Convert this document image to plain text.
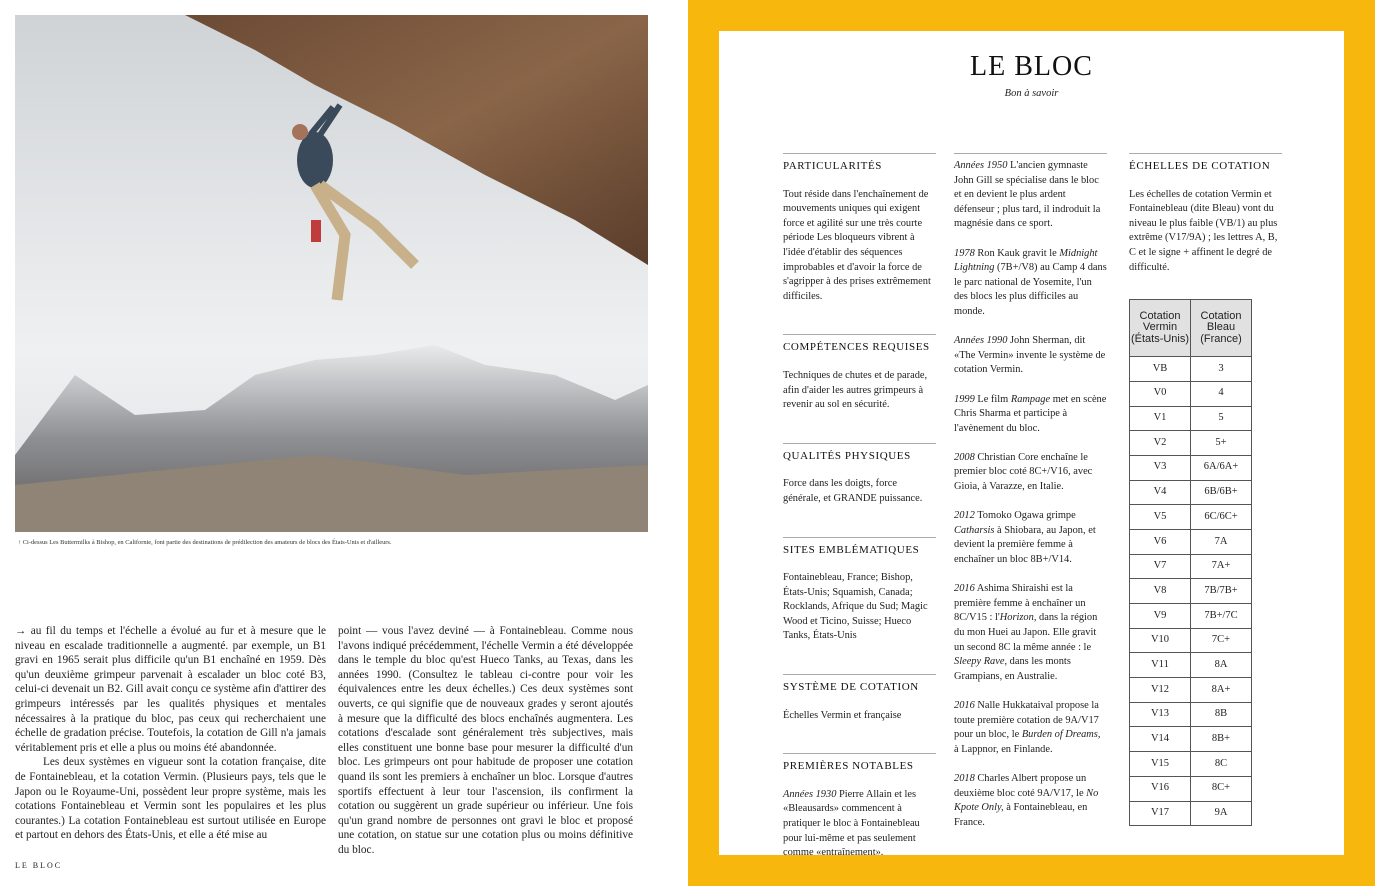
↑ Ci-dessus Les Buttermilks à Bishop, en Californie, font partie des destinations de prédilection des amateurs de blocs des États-Unis et d'ailleurs.

→ au fil du temps et l'échelle a évolué au fur et à mesure que le niveau en escalade traditionnelle a augmenté. par exemple, un B1 gravi en 1965 serait plus difficile qu'un B1 enchaîné en 1959. Dès qu'un deuxième grimpeur parvenait à escalader un bloc coté B3, celui-ci devenait un B2. Gill avait conçu ce système afin d'attirer des grimpeurs intéressés par les qualités physiques et mentales nécessaires à la pratique du bloc, pas ceux qui recherchaient une échelle de gradation précise. Toutefois, la cotation de Gill n'a jamais véritablement pris et elle a plus ou moins été abandonnée.

Les deux systèmes en vigueur sont la cotation française, dite de Fontainebleau, et la cotation Vermin. (Plusieurs pays, tels que le Japon ou le Royaume-Uni, possèdent leur propre système, mais les cotations Fontainebleau et Vermin sont les populaires et les plus courantes.) La cotation Fontainebleau est surtout utilisée en Europe et partout en dehors des États-Unis, et elle a été mise au

point — vous l'avez deviné — à Fontainebleau. Comme nous l'avons indiqué précédemment, l'échelle Vermin a été développée dans le temple du bloc qu'est Hueco Tanks, au Texas, dans les années 1990. (Consultez le tableau ci-contre pour voir les équivalences entre les deux échelles.) Ces deux systèmes sont ouverts, ce qui signifie que de nouveaux grades y seront ajoutés à mesure que la difficulté des blocs enchaînés augmentera. Les cotations d'escalade sont généralement très subjectives, mais elles constituent une bonne base pour mesurer la difficulté d'un bloc. Les grimpeurs ont pour habitude de proposer une cotation quand ils sont les premiers à enchaîner un bloc. Lorsque d'autres sportifs effectuent à leur tour l'ascension, ils confirment la cotation ou suggèrent un grade supérieur ou inférieur. Une fois qu'un grand nombre de personnes ont gravi le bloc et proposé une cotation, on statue sur une cotation plus ou moins définitive du bloc.

LE BLOC
LE BLOC
Bon à savoir
PARTICULARITÉS

Tout réside dans l'enchaînement de mouvements uniques qui exigent force et agilité sur une très courte période Les bloqueurs vibrent à l'idée d'établir des séquences improbables et d'avoir la force de s'agripper à des prises extrêmement difficiles.

COMPÉTENCES REQUISES

Techniques de chutes et de parade, afin d'aider les autres grimpeurs à revenir au sol en sécurité.

QUALITÉS PHYSIQUES

Force dans les doigts, force générale, et GRANDE puissance.

SITES EMBLÉMATIQUES

Fontainebleau, France; Bishop, États-Unis; Squamish, Canada; Rocklands, Afrique du Sud; Magic Wood et Ticino, Suisse; Hueco Tanks, États-Unis

SYSTÈME DE COTATION

Échelles Vermin et française

PREMIÈRES NOTABLES

Années 1930 Pierre Allain et les «Bleausards» commencent à pratiquer le bloc à Fontainebleau pour lui-même et pas seulement comme «entraînement».

Années 1950 L'ancien gymnaste John Gill se spécialise dans le bloc et en devient le plus ardent défenseur ; plus tard, il indroduit la magnésie dans ce sport.

1978 Ron Kauk gravit le Midnight Lightning (7B+/V8) au Camp 4 dans le parc national de Yosemite, l'un des blocs les plus difficiles au monde.

Années 1990 John Sherman, dit «The Vermin» invente le système de cotation Vermin.

1999 Le film Rampage met en scène Chris Sharma et participe à l'avènement du bloc.

2008 Christian Core enchaîne le premier bloc coté 8C+/V16, avec Gioia, à Varazze, en Italie.

2012 Tomoko Ogawa grimpe Catharsis à Shiobara, au Japon, et devient la première femme à enchaîner un bloc 8B+/V14.

2016 Ashima Shiraishi est la première femme à enchaîner un 8C/V15 : l'Horizon, dans la région du mon Huei au Japon. Elle gravit un second 8C la même année : le Sleepy Rave, dans les monts Grampians, en Australie.

2016 Nalle Hukkataival propose la toute première cotation de 9A/V17 pour un bloc, le Burden of Dreams, à Lappnor, en Finlande.

2018 Charles Albert propose un deuxième bloc coté 9A/V17, le No Kpote Only, à Fontainebleau, en France.

ÉCHELLES DE COTATION
Les échelles de cotation Vermin et Fontainebleau (dite Bleau) vont du niveau le plus faible (VB/1) au plus extrême (V17/9A) ; les lettres A, B, C et le signe + affinent le degré de difficulté.
Cotation Vermin (États-Unis)	Cotation Bleau (France)
VB	3
V0	4
V1	5
V2	5+
V3	6A/6A+
V4	6B/6B+
V5	6C/6C+
V6	7A
V7	7A+
V8	7B/7B+
V9	7B+/7C
V10	7C+
V11	8A
V12	8A+
V13	8B
V14	8B+
V15	8C
V16	8C+
V17	9A
